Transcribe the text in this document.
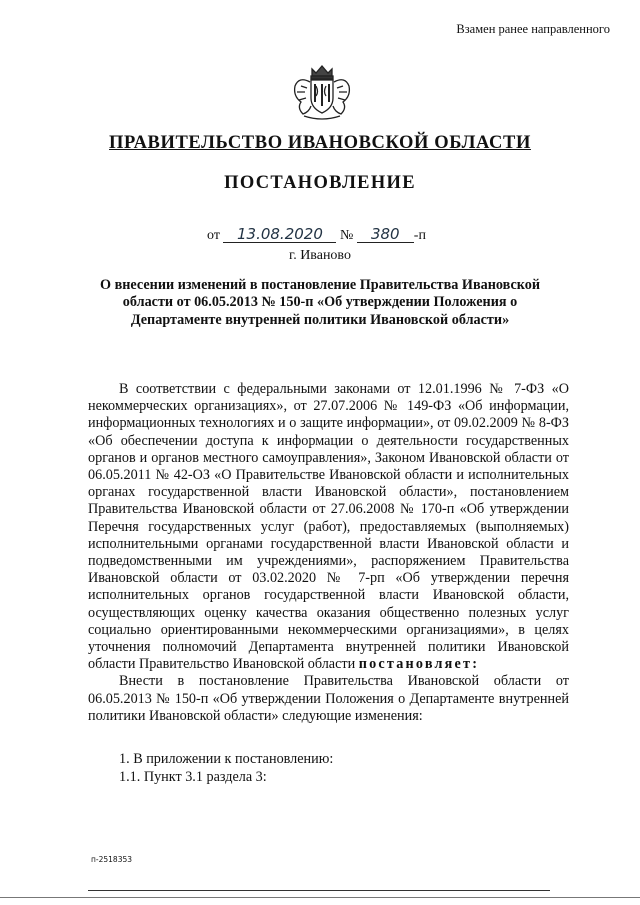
Взамен ранее направленного
ПРАВИТЕЛЬСТВО ИВАНОВСКОЙ ОБЛАСТИ
ПОСТАНОВЛЕНИЕ
от 13.08.2020 № 380 -п
г. Иваново
О внесении изменений в постановление Правительства Ивановской области от 06.05.2013 № 150-п «Об утверждении Положения о Департаменте внутренней политики Ивановской области»

В соответствии с федеральными законами от 12.01.1996 № 7-ФЗ «О некоммерческих организациях», от 27.07.2006 № 149-ФЗ «Об информации, информационных технологиях и о защите информации», от 09.02.2009 № 8-ФЗ «Об обеспечении доступа к информации о деятельности государственных органов и органов местного самоуправления», Законом Ивановской области от 06.05.2011 № 42-ОЗ «О Правительстве Ивановской области и исполнительных органах государственной власти Ивановской области», постановлением Правительства Ивановской области от 27.06.2008 № 170-п «Об утверждении Перечня государственных услуг (работ), предоставляемых (выполняемых) исполнительными органами государственной власти Ивановской области и подведомственными им учреждениями», распоряжением Правительства Ивановской области от 03.02.2020 № 7-рп «Об утверждении перечня исполнительных органов государственной власти Ивановской области, осуществляющих оценку качества оказания общественно полезных услуг социально ориентированными некоммерческими организациями», в целях уточнения полномочий Департамента внутренней политики Ивановской области Правительство Ивановской области постановляет:

Внести в постановление Правительства Ивановской области от 06.05.2013 № 150-п «Об утверждении Положения о Департаменте внутренней политики Ивановской области» следующие изменения:

1. В приложении к постановлению:
1.1. Пункт 3.1 раздела 3:
п-2518353
